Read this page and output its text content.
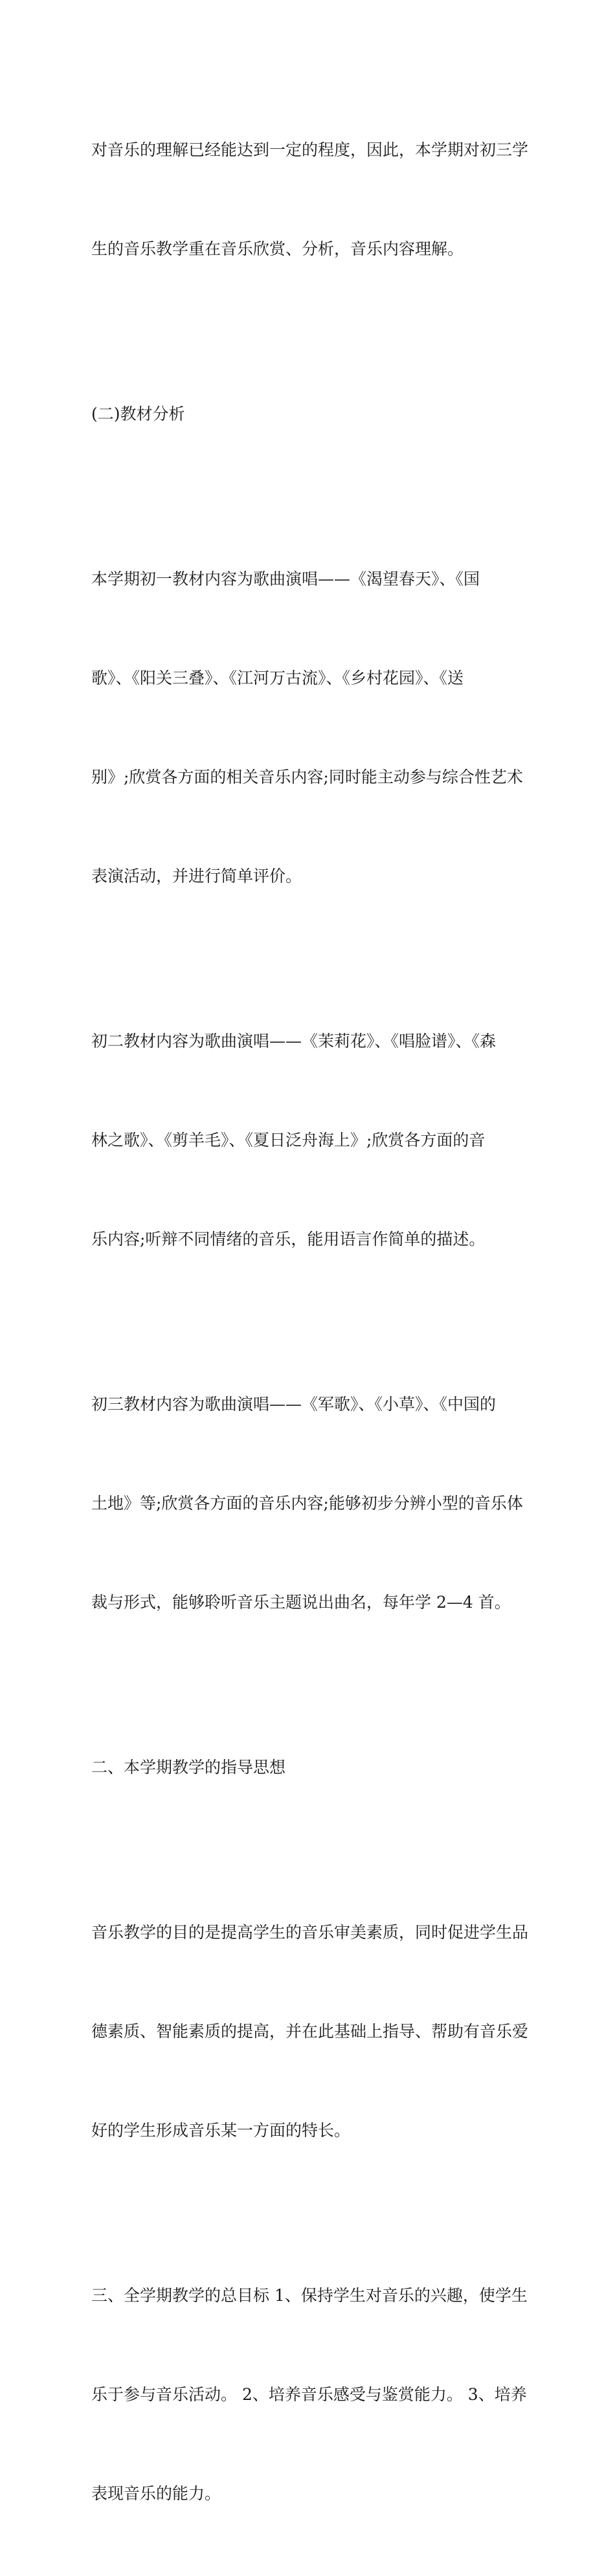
对音乐的理解已经能达到一定的程度，因此，本学期对初三学

生的音乐教学重在音乐欣赏、分析，音乐内容理解。

(二)教材分析

本学期初一教材内容为歌曲演唱——《渴望春天》、《国

歌》、《阳关三叠》、《江河万古流》、《乡村花园》、《送

别》;欣赏各方面的相关音乐内容;同时能主动参与综合性艺术

表演活动，并进行简单评价。

初二教材内容为歌曲演唱——《茉莉花》、《唱脸谱》、《森

林之歌》、《剪羊毛》、《夏日泛舟海上》;欣赏各方面的音

乐内容;听辩不同情绪的音乐，能用语言作简单的描述。

初三教材内容为歌曲演唱——《军歌》、《小草》、《中国的

土地》等;欣赏各方面的音乐内容;能够初步分辨小型的音乐体

裁与形式，能够聆听音乐主题说出曲名，每年学 2—4 首。

二、本学期教学的指导思想

音乐教学的目的是提高学生的音乐审美素质，同时促进学生品

德素质、智能素质的提高，并在此基础上指导、帮助有音乐爱

好的学生形成音乐某一方面的特长。

三、全学期教学的总目标 1、保持学生对音乐的兴趣，使学生

乐于参与音乐活动。 2、培养音乐感受与鉴赏能力。 3、培养

表现音乐的能力。
